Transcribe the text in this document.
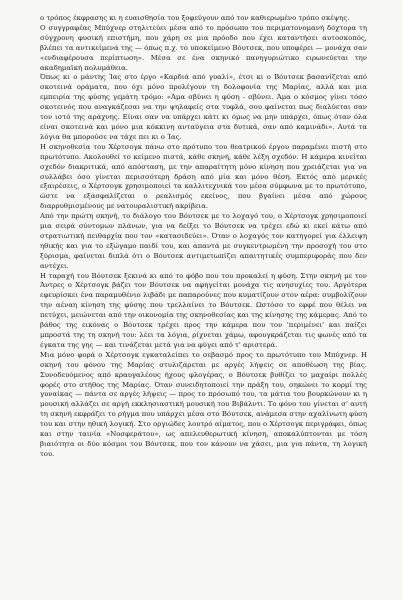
ο τρόπος έκφρασης κι η ευαισθησία του ξοφεύγουν από τον καθιερωμένο τρόπο σκέψης.

Ο συγγραφέας Μπύχνερ στηλιτεύει μέσα από το πρόσωπο του περιματονομανή δόχτορα τη σύγχρονη φυσική επιστήμη, που χάρη σε μια πρόοδο που έχει καταντήσει αυτοσκοπός, βλέπει τα αντικείμενά της — όπως π.χ. το υποκείμενο Βόυτσεκ, που υποφέρει — μονάχα σαν «ενδιαφέρουσα περίπτωση». Μέσα σε ένα σκηνικό πανηγυριώτικο ειρωνεύεται την ακαδημαϊκή πολυμάθεια.

Όπως κι ο μάντης Ίας στο έργο «Καρδιά από γυαλί», έτσι κι ο Βόυτσεκ βασανίζεται από σκοτεινά οράματα, που όχι μόνο προλέγουν τη δολοφονία της Μαρίας, αλλά και μια εμπειρία της φύσης γεμάτη τρόμο: «Άμα σβύνει η φύση - σβύνει. Άμα ο κόσμος γίνει τόσο σκοτεινός που αναγκάζεσαι να την ψηλαφείς στα τυφλά, σου φαίνεται πως διαλύεται σαν τον ιστό της αράχνης. Είναι σαν να υπάρχει κάτι κι όμως να μην υπάρχει, όπως όταν όλα είναι σκοτεινά και μόνο μια κόκκινη ανταύγεια στα δυτικά, σαν από καμινάδι». Αυτά τα λόγια θα μπορούσε να τάχε πει κι ο Ίας.

Η σκηνοθεσία του Χέρτσογκ πάνω στο πρότυπο του θεατρικού έργου παραμένει πιστή στο πρωτότυπο. Ακολουθεί το κείμενο πιστά, κάθε σκηνή, κάθε λέξη σχεδόν. Η κάμερα κινείται σχεδόν διακριτικά, από απόσταση, με την απαραίτητη μόνο κίνηση που χρειάζεται για να συλλάβει όσο γίνεται περισσότερη δράση από μία και μόνο θέση. Εκτός από μερικές εξαιρέσεις, ο Χέρτσογκ χρησιμοποιεί τα καλλιτεχνικά του μέσα σύμφωνα με το πρωτότυπο, ώστε να εξασφαλίζεται ο ρεαλισμός εκείνος, που βγαίνει μέσα από χώρους διαρρυθμισμένους με νατουραλιστική ακρίβεια.

Από την πρώτη σκηνή, το διάλογο του Βόυτσεκ με το λοχαγό του, ο Χέρτσογκ χρησιμοποιεί μια σειρά σύντομων πλάνων, για να δείξει το Βόυτσεκ να τρέχει εδώ κι εκεί κάτω από στρατιωτική πειθαρχία που τον «κατασιδεύει». Όταν ο λοχαγός τον κατηγορεί για έλλειψη ηθικής και για το εξώγαμο παιδί του, και απαντά με συγκεντρωμένη την προσοχή του στο ξύρισμα, φαίνεται διπλά ότι ο Βόυτσεκ αντιμετωπίζει απαιτητικές συμπεριφοράς που δεν αντέχει.

Η ταραχή του Βόυτσεκ ξεκινά κι από το φόβο που του προκαλεί η φύση. Στην σκηνή με τον Άντρες ο Χέρτσογκ βάζει τον Βόυτσεκ να αφηγείται μονάχα τις ανησυχίες του. Αργότερα εφευρίσκει ένα παραμυθένιο λιβάδι με παπαρούνες που κυματίζουν στον αέρα: συμβολίζουν την αέναη κίνηση της φύσης που τρελλαίνει το Βόυτσεκ. Ωστόσο το εφφέ που θέλει να πετύχει, μειώνεται από την οικονομία της σκηνοθεσίας και της κίνησης της κάμερας. Από το βάθος της εικόνας ο Βόυτσεκ τρέχει προς την κάμερα που τον 'περιμένει' και παίζει μπροστά της τη σκηνή του: λέει τα λόγια, ρίχνεται χάμω, αφουγκράζεται τις φωνές από τα έγκατα της γης — και τινάζεται μετά για να φύγει από τ' αριστερά.

Μια μόνο φορά ο Χέρτσογκ εγκαταλείπει το σεβασμό προς το πρωτότυπο του Μπύχνερ. Η σκηνή του φόνου της Μαρίας στυλιζάρεται με αργές λήψεις σε αποθέωση της βίας. Συνοδευόμενος από κραυγαλέους ήχους φλογέρας, ο Βόυτσεκ βυθίζει το μαχαίρι πολλές φορές στο στήθος της Μαρίας. Όταν συνειδητοποιεί την πράξη του, σηκώνει το κορμί της γυναίκας — πάντα σε αργές λήψεις — προς το πρόσωπό του, τα μάτια του βουρκώνουν κι η μουσική αλλάζει σε αργή εκκλησιαστική μουσική του Βιβάλντι. Το φόνο του γίνεται σ' αυτή τη σκηνή εκφράζει το ρήγμα που υπάρχει μέσα στο Βόυτσεκ, ανάμεσα στην αχαλίνωτη φύση του και στην ηθική λογική. Στο οργιώδες λουτρό αίματος, που ο Χέρτσογκ περιγράφει, όπως και στην ταινία «Νοσφεράτου», ως απελευθερωτική κίνηση, αποκαλύπτονται με τόση βιαιότητα οι δύο κόσμοι του Βόυτσεκ, που τον κάνουν να χάσει, μια για πάντα, τη λογική του.
